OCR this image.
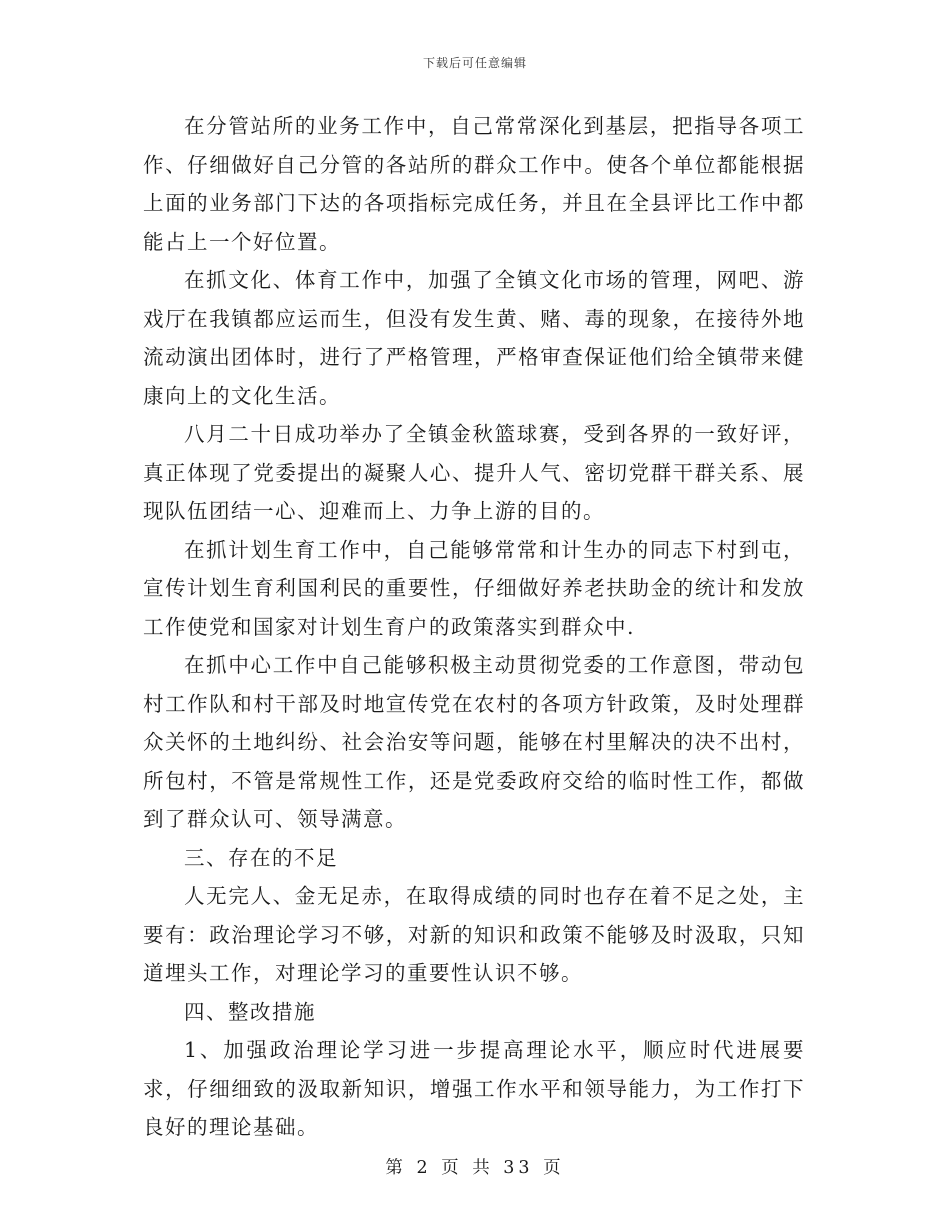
下载后可任意编辑

在分管站所的业务工作中，自己常常深化到基层，把指导各项工作、仔细做好自己分管的各站所的群众工作中。使各个单位都能根据上面的业务部门下达的各项指标完成任务，并且在全县评比工作中都能占上一个好位置。

在抓文化、体育工作中，加强了全镇文化市场的管理，网吧、游戏厅在我镇都应运而生，但没有发生黄、赌、毒的现象，在接待外地流动演出团体时，进行了严格管理，严格审查保证他们给全镇带来健康向上的文化生活。

八月二十日成功举办了全镇金秋篮球赛，受到各界的一致好评，真正体现了党委提出的凝聚人心、提升人气、密切党群干群关系、展现队伍团结一心、迎难而上、力争上游的目的。

在抓计划生育工作中，自己能够常常和计生办的同志下村到屯，宣传计划生育利国利民的重要性，仔细做好养老扶助金的统计和发放工作使党和国家对计划生育户的政策落实到群众中.

在抓中心工作中自己能够积极主动贯彻党委的工作意图，带动包村工作队和村干部及时地宣传党在农村的各项方针政策，及时处理群众关怀的土地纠纷、社会治安等问题，能够在村里解决的决不出村，所包村，不管是常规性工作，还是党委政府交给的临时性工作，都做到了群众认可、领导满意。

三、存在的不足

人无完人、金无足赤，在取得成绩的同时也存在着不足之处，主要有：政治理论学习不够，对新的知识和政策不能够及时汲取，只知道埋头工作，对理论学习的重要性认识不够。

四、整改措施

1、加强政治理论学习进一步提高理论水平，顺应时代进展要求，仔细细致的汲取新知识，增强工作水平和领导能力，为工作打下良好的理论基础。

第 2 页 共 33 页
